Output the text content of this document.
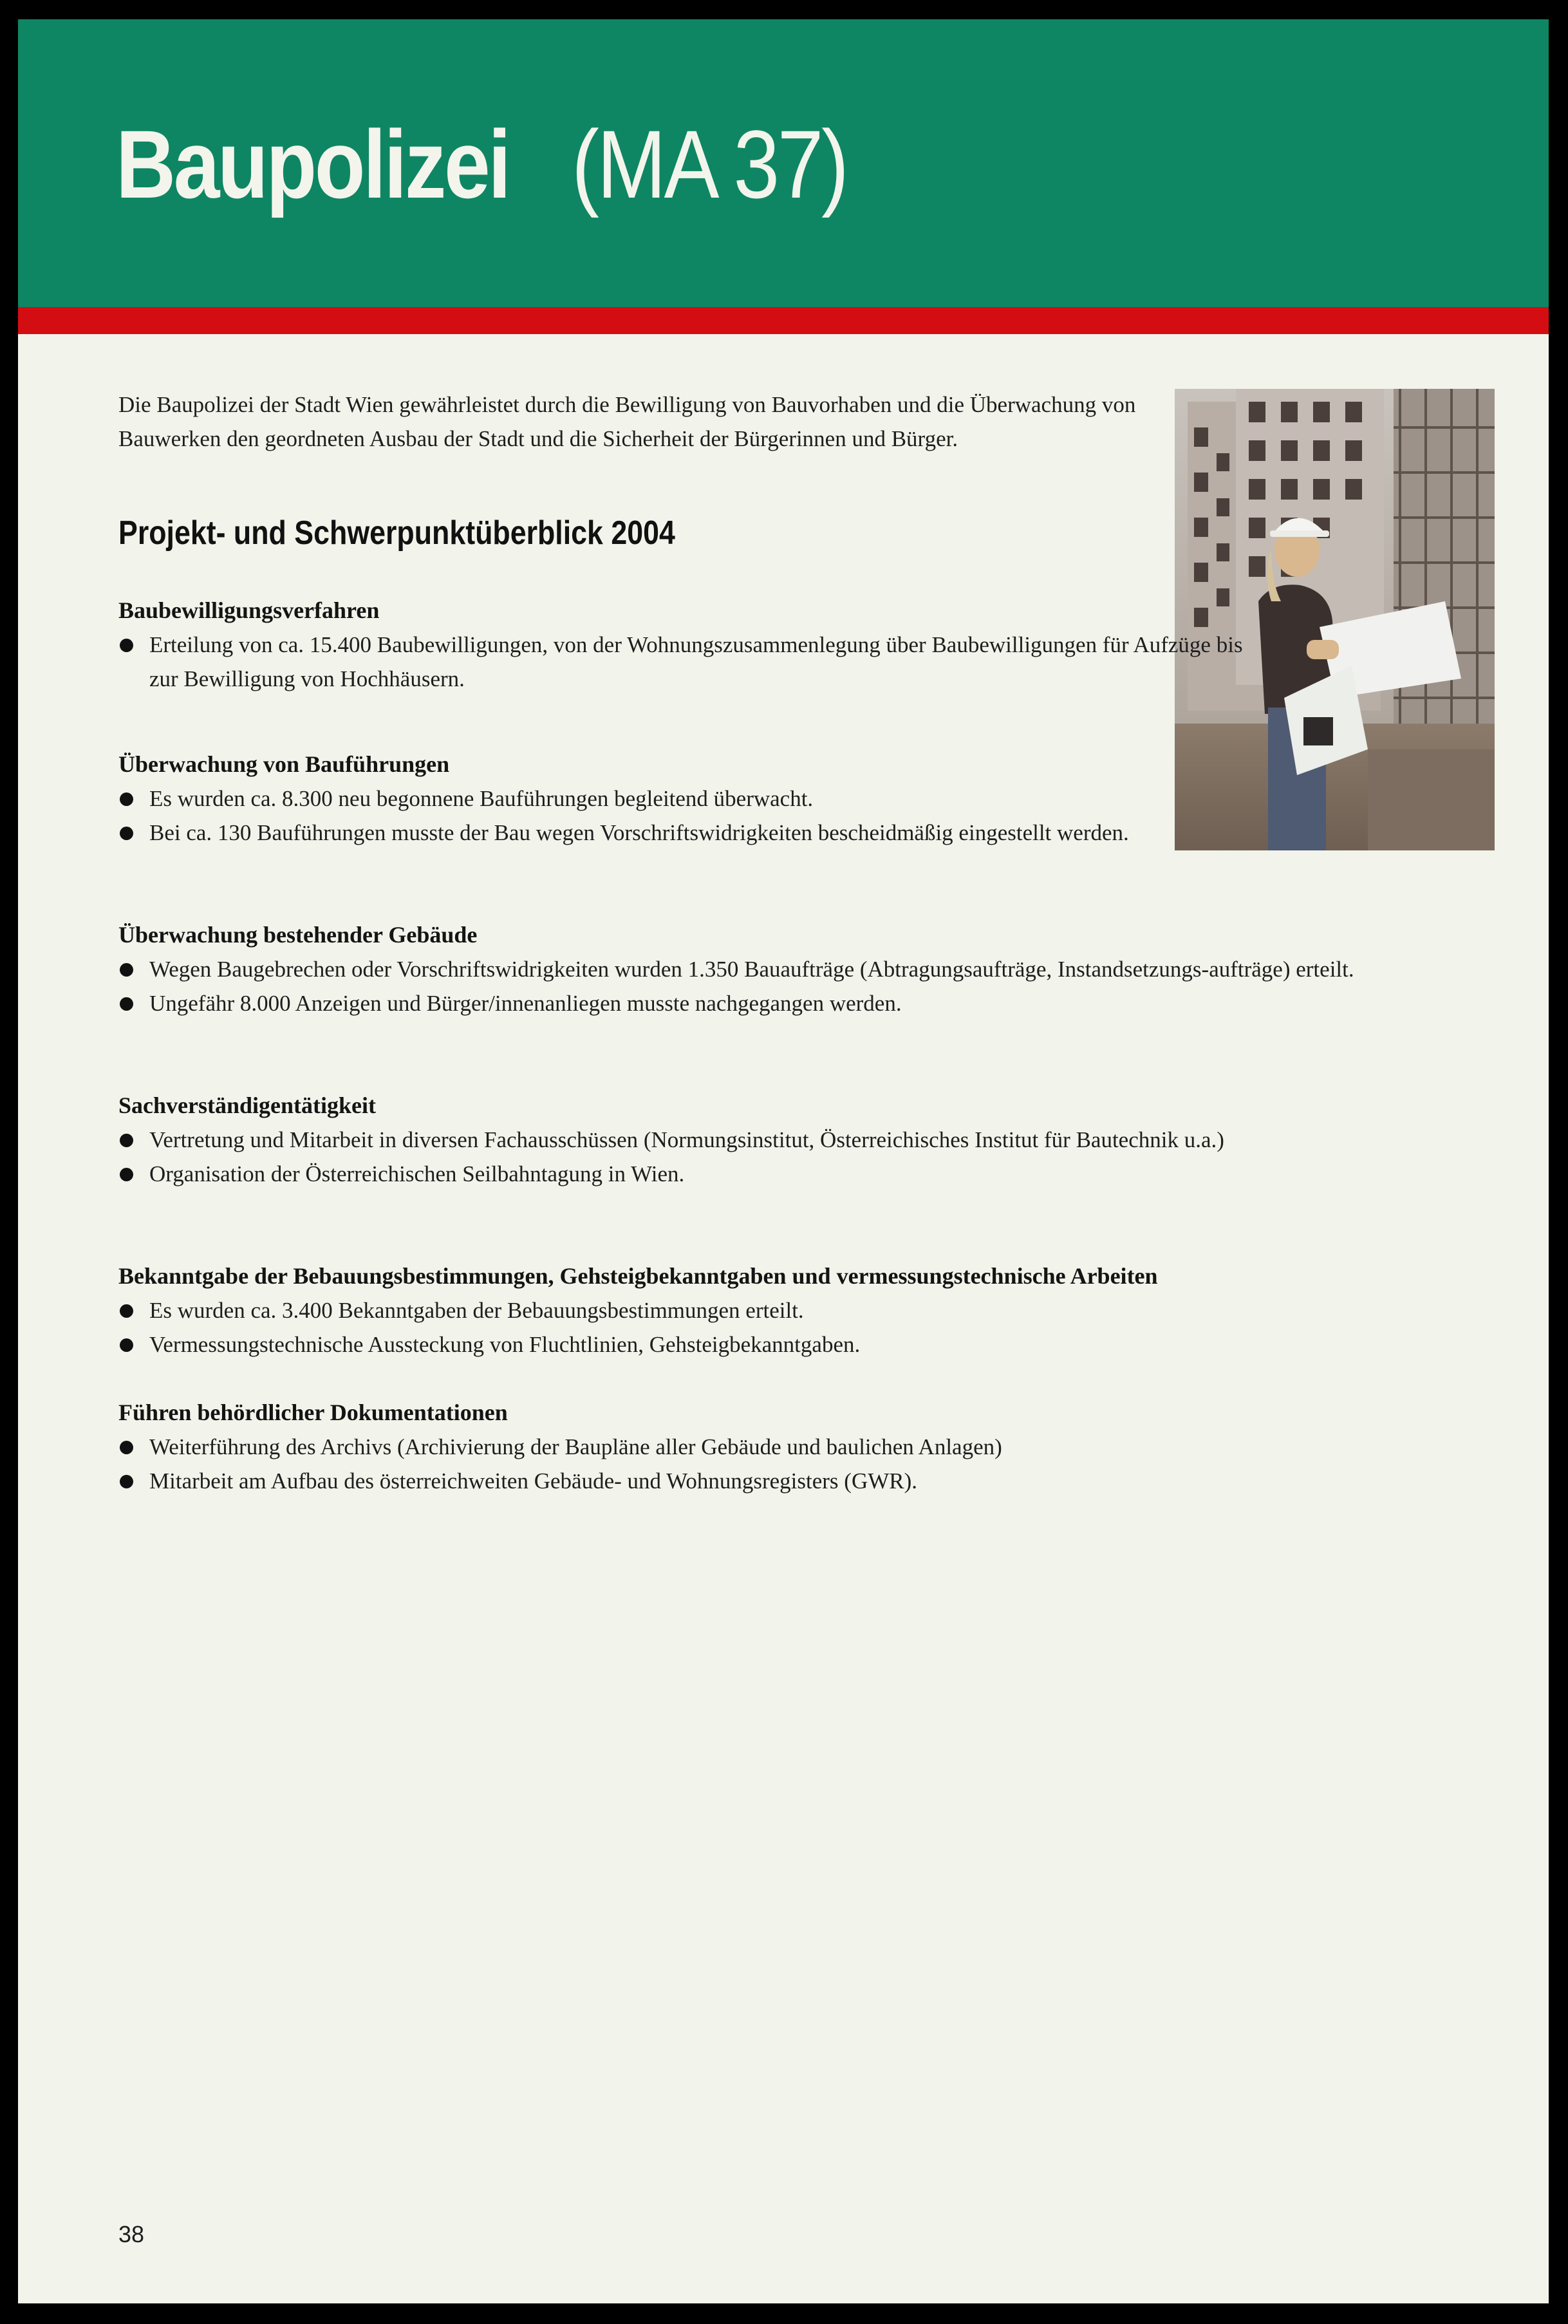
Baupolizei (MA 37)

Die Baupolizei der Stadt Wien gewährleistet durch die Bewilligung von Bauvorhaben und die Überwachung von Bauwerken den geordneten Ausbau der Stadt und die Sicherheit der Bürgerinnen und Bürger.

Projekt- und Schwerpunktüberblick 2004
Baubewilligungsverfahren
Erteilung von ca. 15.400 Baubewilligungen, von der Wohnungszusammenlegung über Baubewilligungen für Aufzüge bis zur Bewilligung von Hochhäusern.
Überwachung von Bauführungen
Es wurden ca. 8.300 neu begonnene Bauführungen begleitend überwacht.
Bei ca. 130 Bauführungen musste der Bau wegen Vorschriftswidrigkeiten bescheidmäßig eingestellt werden.
Überwachung bestehender Gebäude
Wegen Baugebrechen oder Vorschriftswidrigkeiten wurden 1.350 Bauaufträge (Abtragungsaufträge, Instandsetzungs-aufträge) erteilt.
Ungefähr 8.000 Anzeigen und Bürger/innenanliegen musste nachgegangen werden.
Sachverständigentätigkeit
Vertretung und Mitarbeit in diversen Fachausschüssen (Normungsinstitut, Österreichisches Institut für Bautechnik u.a.)
Organisation der Österreichischen Seilbahntagung in Wien.
Bekanntgabe der Bebauungsbestimmungen, Gehsteigbekanntgaben und vermessungstechnische Arbeiten
Es wurden ca. 3.400 Bekanntgaben der Bebauungsbestimmungen erteilt.
Vermessungstechnische Aussteckung von Fluchtlinien, Gehsteigbekanntgaben.
Führen behördlicher Dokumentationen
Weiterführung des Archivs (Archivierung der Baupläne aller Gebäude und baulichen Anlagen)
Mitarbeit am Aufbau des österreichweiten Gebäude- und Wohnungsregisters (GWR).

38
